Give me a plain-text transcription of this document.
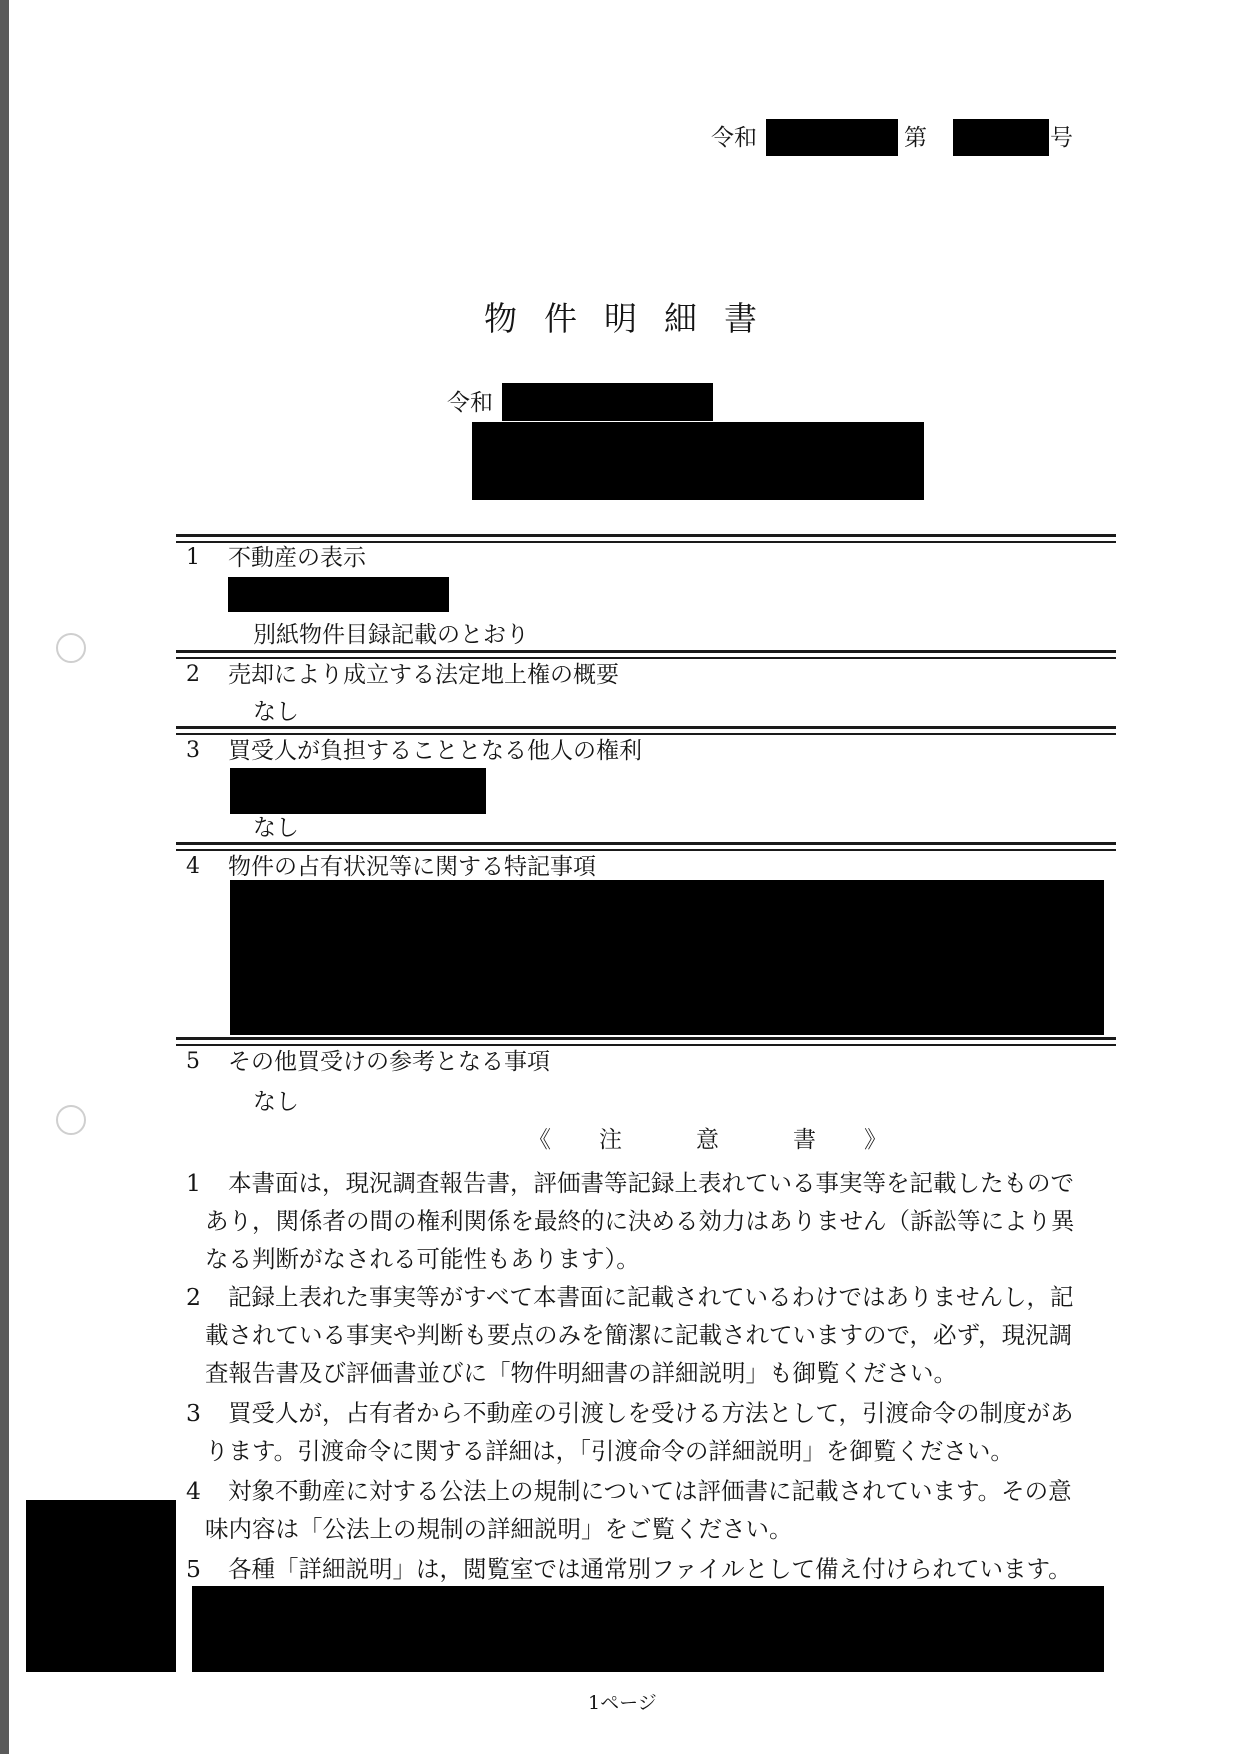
令和	第	号
物件明細書
令和
1 不動産の表示
別紙物件目録記載のとおり
2 売却により成立する法定地上権の概要
なし
3 買受人が負担することとなる他人の権利
なし
4 物件の占有状況等に関する特記事項
5 その他買受けの参考となる事項
なし
《 注	意	書 》
1 本書面は，現況調査報告書，評価書等記録上表れている事実等を記載したもので
あり，関係者の間の権利関係を最終的に決める効力はありません（訴訟等により異
なる判断がなされる可能性もあります）。
2 記録上表れた事実等がすべて本書面に記載されているわけではありませんし，記
載されている事実や判断も要点のみを簡潔に記載されていますので，必ず，現況調
査報告書及び評価書並びに「物件明細書の詳細説明」も御覧ください。
3 買受人が，占有者から不動産の引渡しを受ける方法として，引渡命令の制度があ
ります。引渡命令に関する詳細は，「引渡命令の詳細説明」を御覧ください。
4 対象不動産に対する公法上の規制については評価書に記載されています。その意
味内容は「公法上の規制の詳細説明」をご覧ください。
5 各種「詳細説明」は，閲覧室では通常別ファイルとして備え付けられています。
1ページ
